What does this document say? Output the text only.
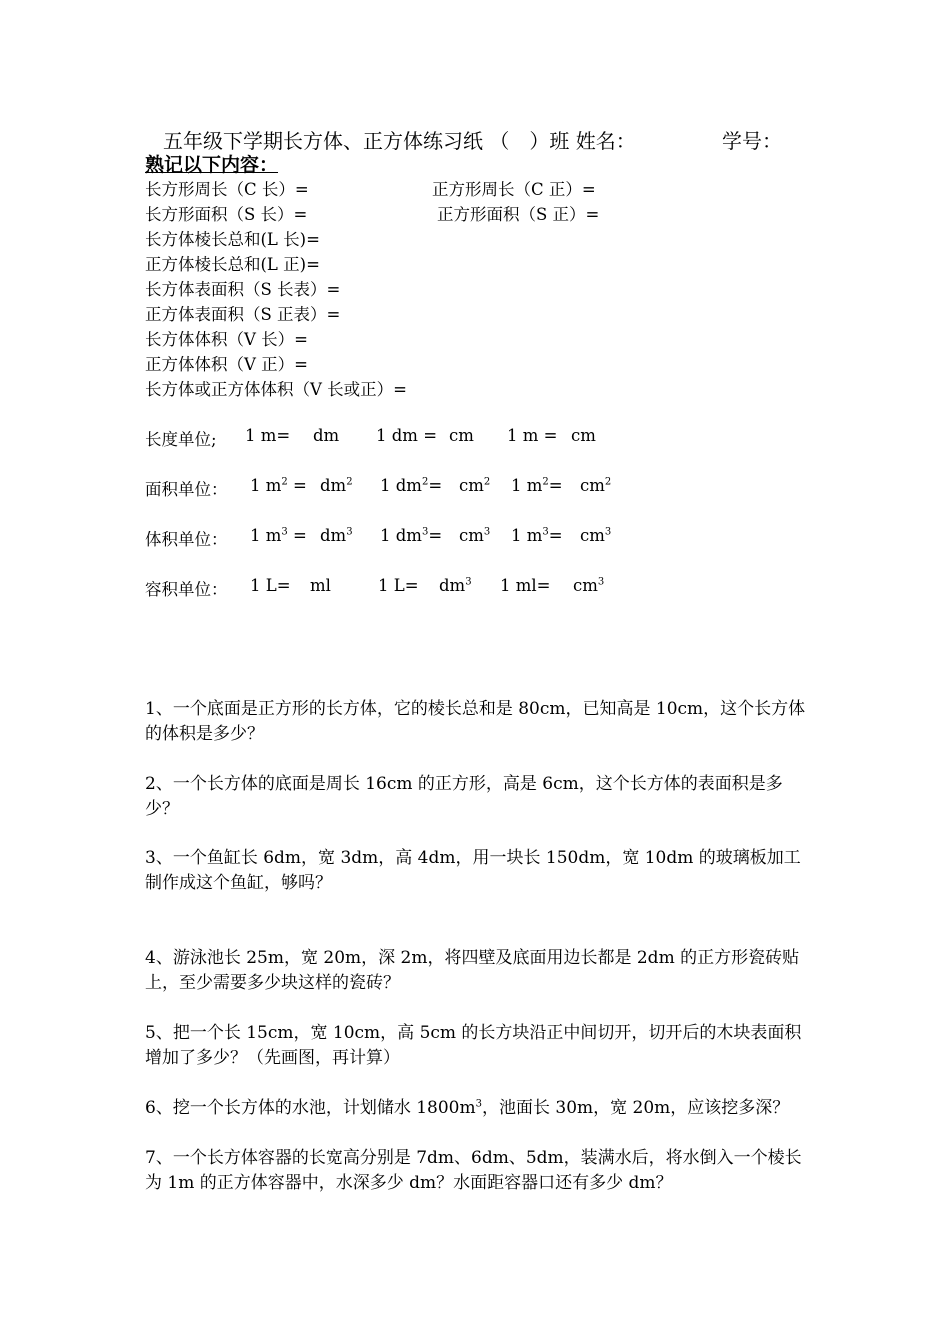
五年级下学期长方体、正方体练习纸 （　）班 姓名：	学号：
熟记以下内容：
长方形周长（C 长）=	正方形周长（C 正）=
长方形面积（S 长）=	正方形面积（S 正）=
长方体棱长总和(L 长)=
正方体棱长总和(L 正)=
长方体表面积（S 长表）=
正方体表面积（S 正表）=
长方体体积（V 长）=
正方体体积（V 正）=
长方体或正方体体积（V 长或正）=
长度单位; 1 m= dm 1 dm = cm 1 m = cm
面积单位： 1 $m^2 = dm^2$ 1 $dm^2= cm^2$ 1 $m^2= cm^2$
体积单位： 1 $m^3 = dm^3$ 1 $dm^3= cm^3$ 1 $m^3= cm^3$
容积单位： 1 L= ml	1 $L= dm^3$ 1 $ml= cm^3$
1、一个底面是正方形的长方体，它的棱长总和是 80cm，已知高是 10cm，这个长方体的体积是多少？
2、一个长方体的底面是周长 16cm 的正方形，高是 6cm，这个长方体的表面积是多少？
3、一个鱼缸长 6dm，宽 3dm，高 4dm，用一块长 150dm，宽 10dm 的玻璃板加工制作成这个鱼缸，够吗？
4、游泳池长 25m，宽 20m，深 2m，将四壁及底面用边长都是 2dm 的正方形瓷砖贴上，至少需要多少块这样的瓷砖？
5、把一个长 15cm，宽 10cm，高 5cm 的长方块沿正中间切开，切开后的木块表面积增加了多少？（先画图，再计算）
6、挖一个长方体的水池，计划储水 $1800m^3$，池面长 30m，宽 20m，应该挖多深？
7、一个长方体容器的长宽高分别是 7dm、6dm、5dm，装满水后，将水倒入一个棱长为 1m 的正方体容器中，水深多少 dm？水面距容器口还有多少 dm？
